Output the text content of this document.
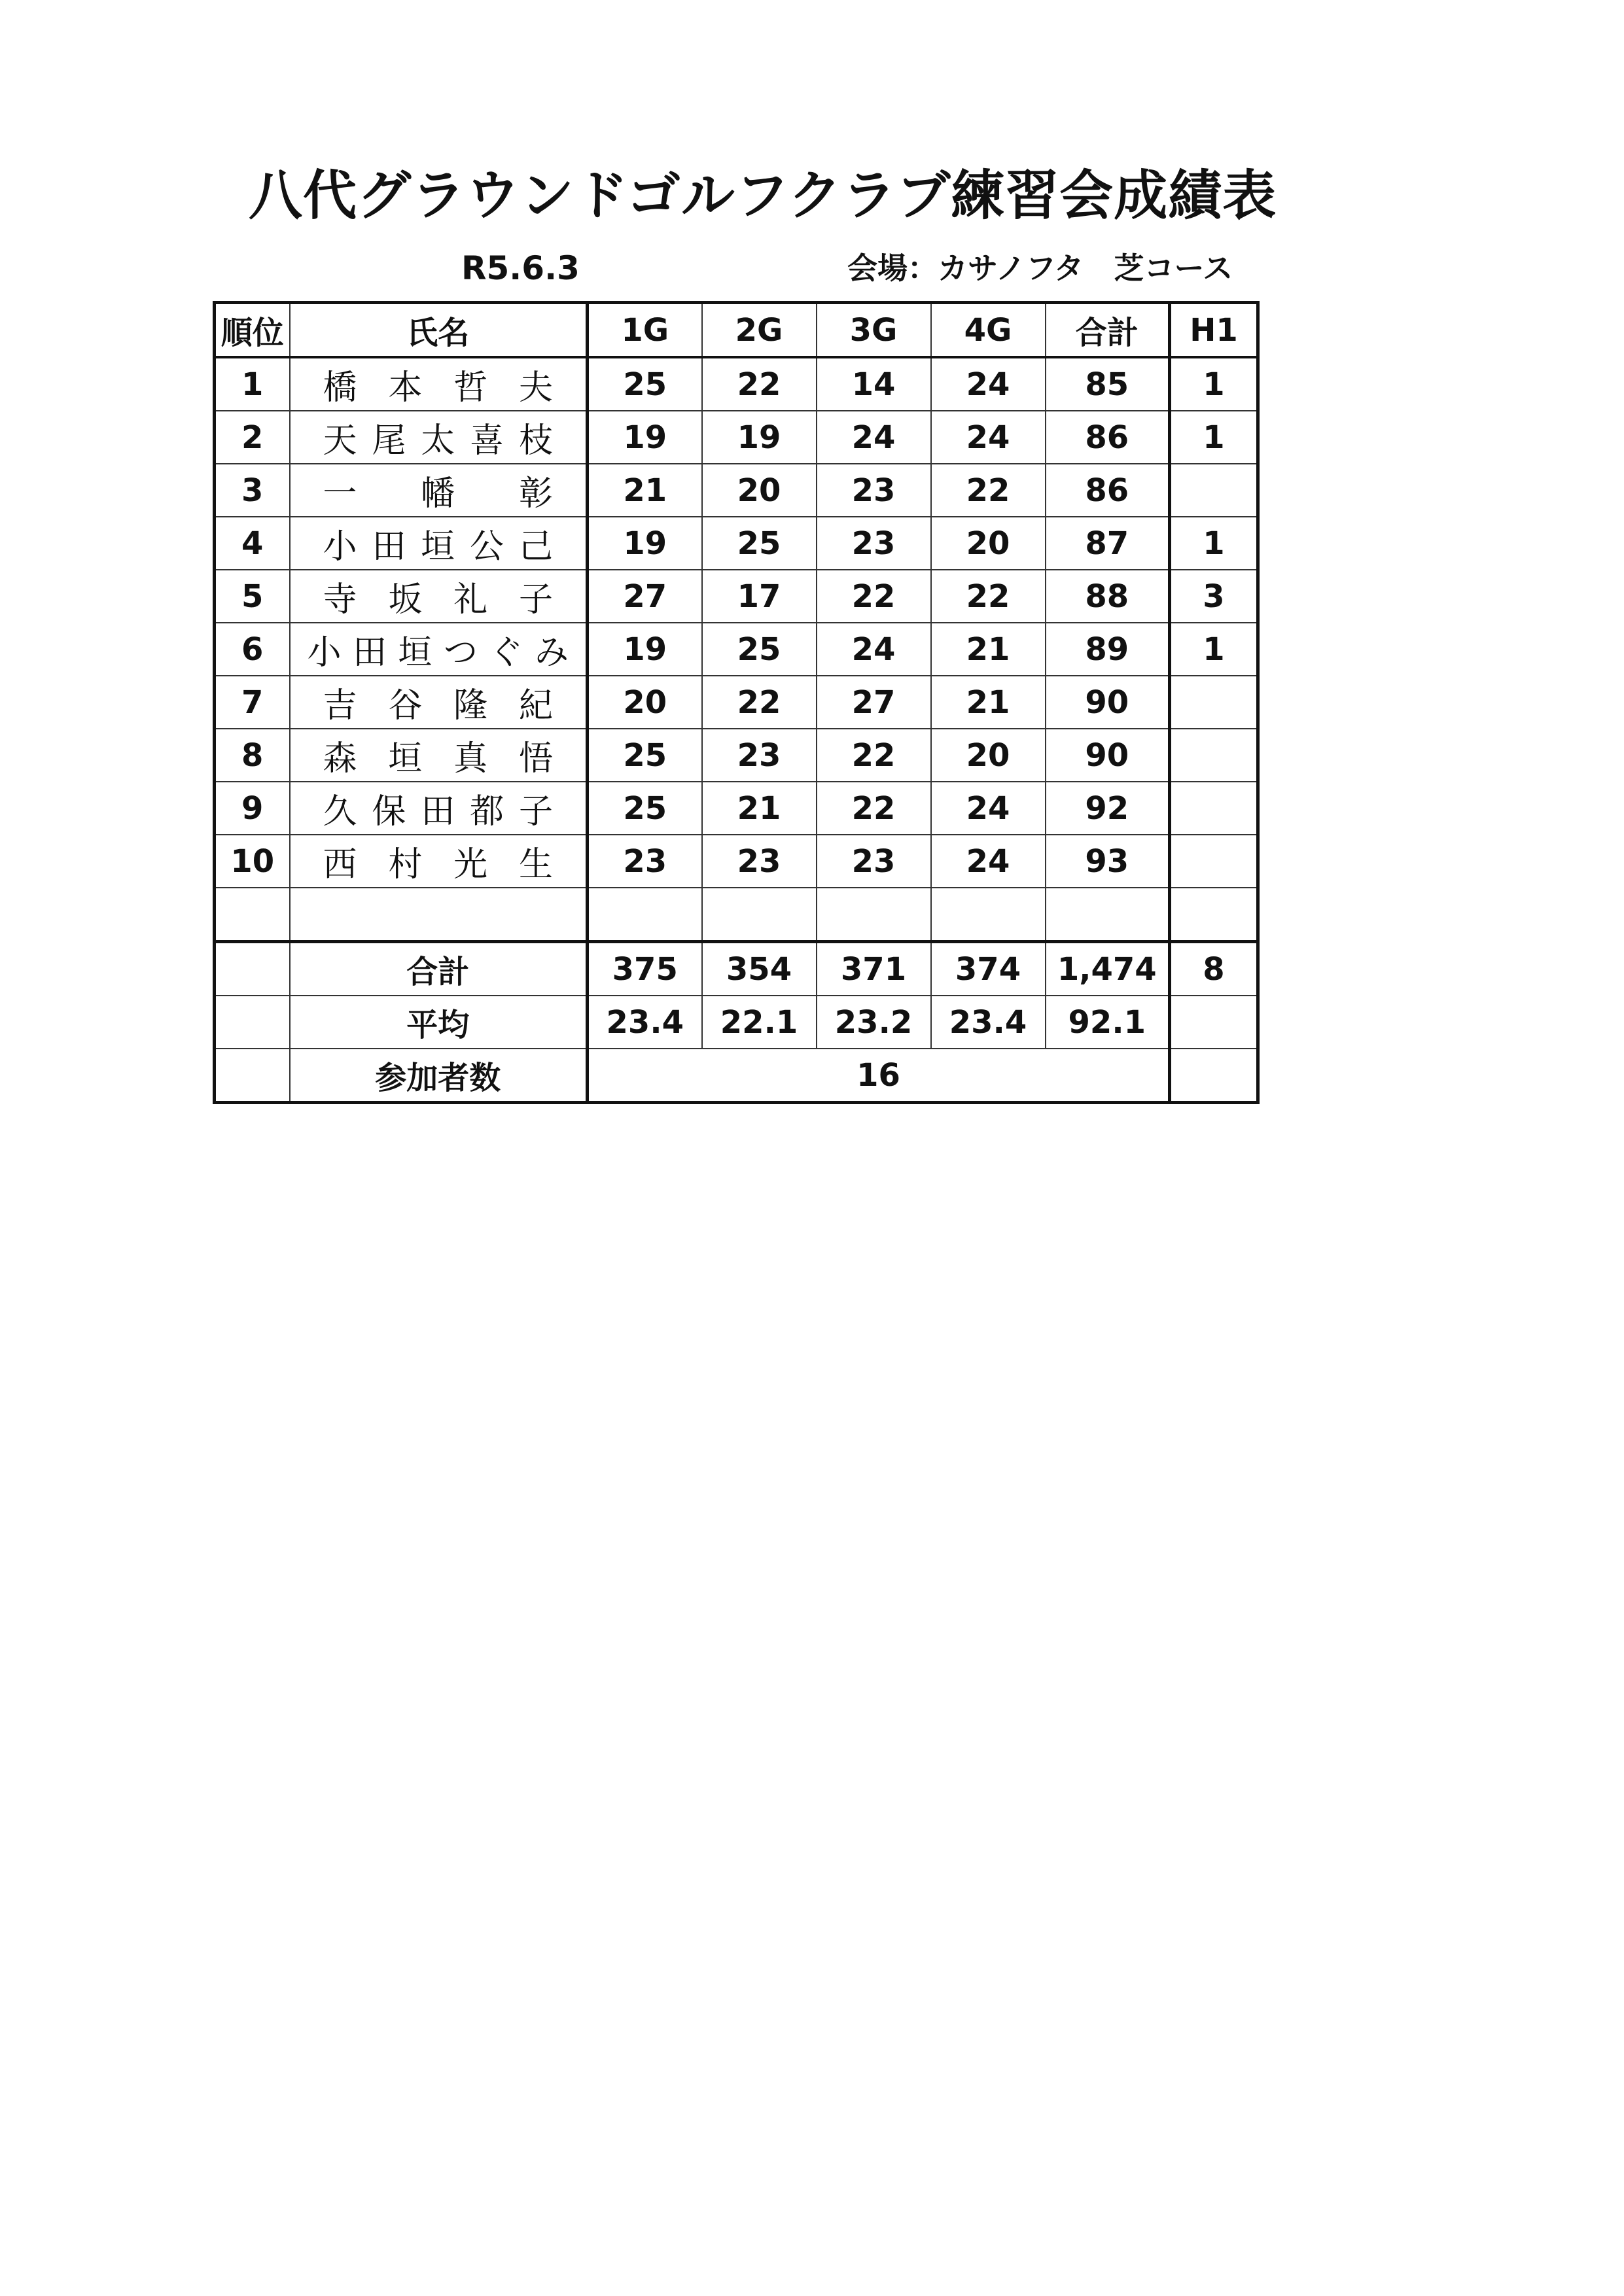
八代グラウンドゴルフクラブ練習会成績表
R5.6.3	会場：カサノフタ　芝コース
順位	氏名	1G	2G	3G	4G	合計	H1
1	橋本哲夫	25	22	14	24	85	1
2	天尾太喜枝	19	19	24	24	86	1
3	一幡彰	21	20	23	22	86	
4	小田垣公己	19	25	23	20	87	1
5	寺坂礼子	27	17	22	22	88	3
6	小田垣つぐみ	19	25	24	21	89	1
7	吉谷隆紀	20	22	27	21	90	
8	森垣真悟	25	23	22	20	90	
9	久保田都子	25	21	22	24	92	
10	西村光生	23	23	23	24	93	

	合計	375	354	371	374	1,474	8
	平均	23.4	22.1	23.2	23.4	92.1	
	参加者数	16					
